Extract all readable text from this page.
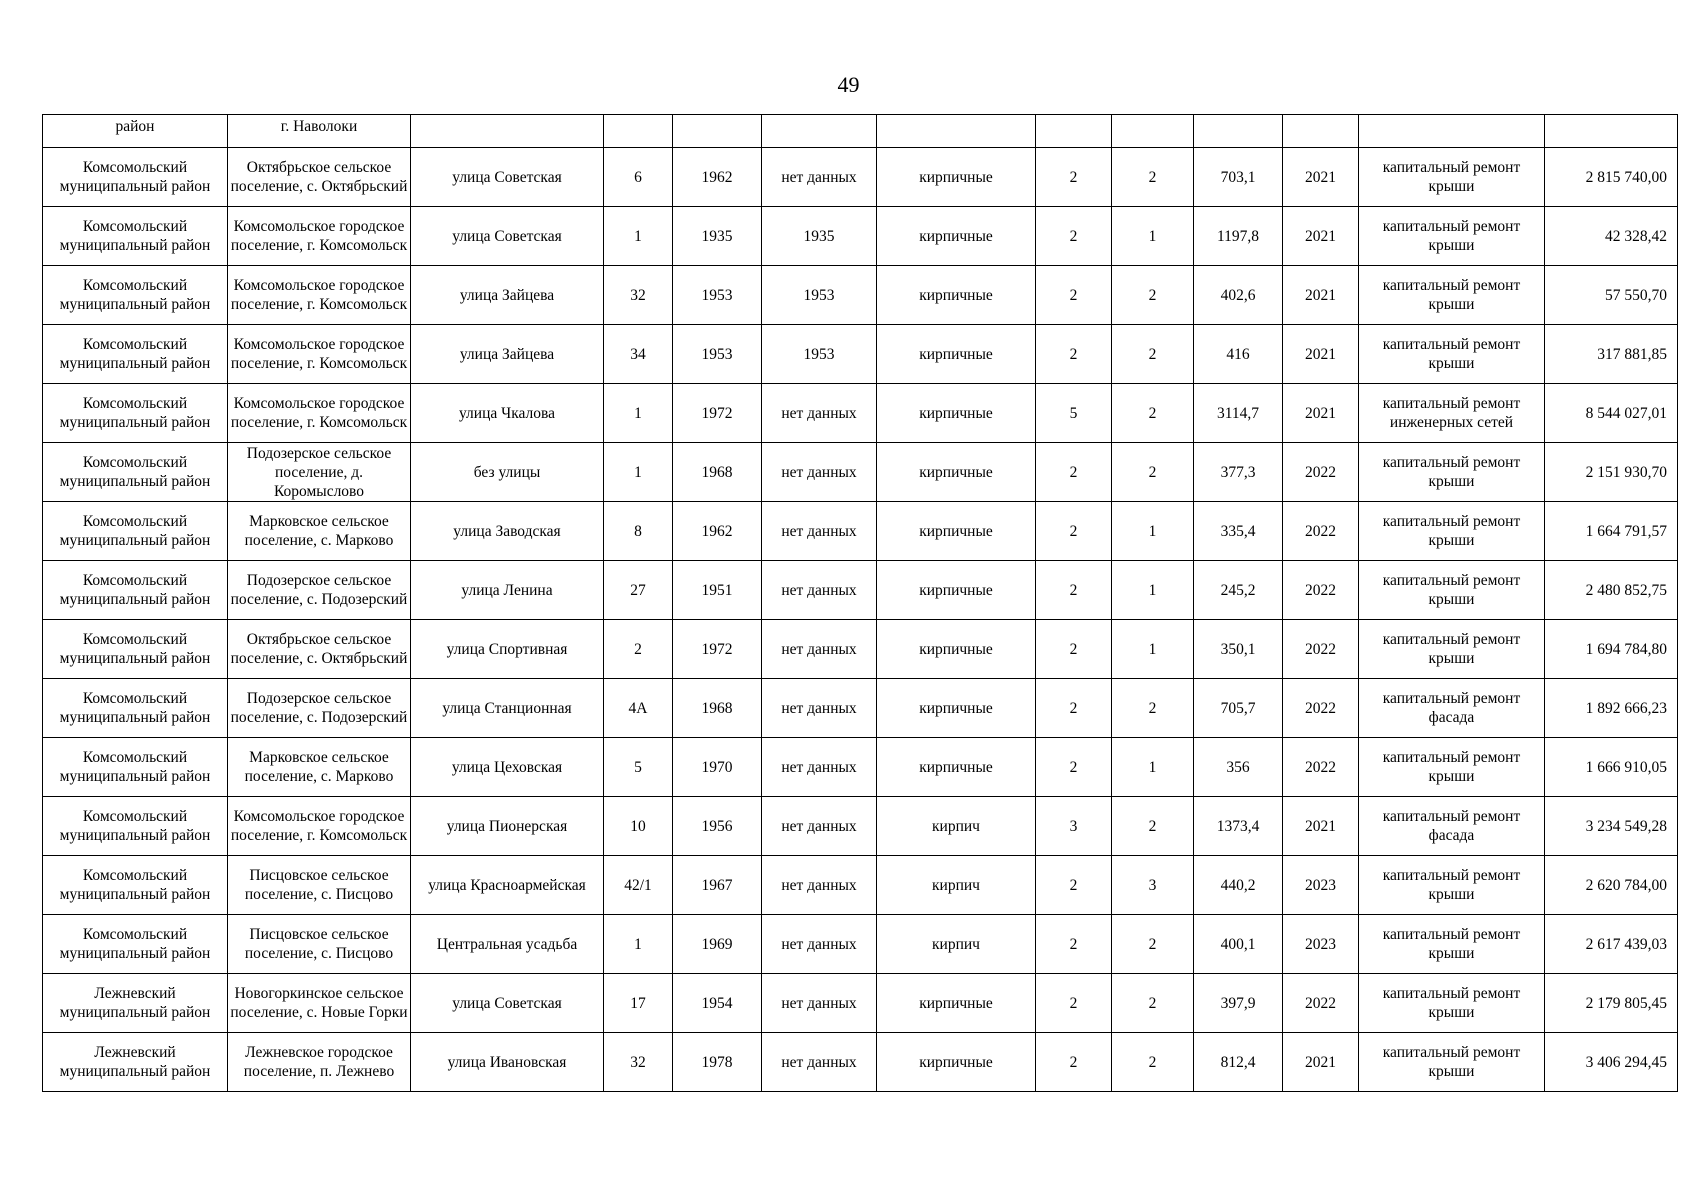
49
район	г. Наволоки											
Комсомольский муниципальный район	Октябрьское сельское поселение, с. Октябрьский	улица Советская	6	1962	нет данных	кирпичные	2	2	703,1	2021	капитальный ремонт крыши	2 815 740,00
Комсомольский муниципальный район	Комсомольское городское поселение, г. Комсомольск	улица Советская	1	1935	1935	кирпичные	2	1	1197,8	2021	капитальный ремонт крыши	42 328,42
Комсомольский муниципальный район	Комсомольское городское поселение, г. Комсомольск	улица Зайцева	32	1953	1953	кирпичные	2	2	402,6	2021	капитальный ремонт крыши	57 550,70
Комсомольский муниципальный район	Комсомольское городское поселение, г. Комсомольск	улица Зайцева	34	1953	1953	кирпичные	2	2	416	2021	капитальный ремонт крыши	317 881,85
Комсомольский муниципальный район	Комсомольское городское поселение, г. Комсомольск	улица Чкалова	1	1972	нет данных	кирпичные	5	2	3114,7	2021	капитальный ремонт инженерных сетей	8 544 027,01
Комсомольский муниципальный район	Подозерское сельское поселение, д. Коромыслово	без улицы	1	1968	нет данных	кирпичные	2	2	377,3	2022	капитальный ремонт крыши	2 151 930,70
Комсомольский муниципальный район	Марковское сельское поселение, с. Марково	улица Заводская	8	1962	нет данных	кирпичные	2	1	335,4	2022	капитальный ремонт крыши	1 664 791,57
Комсомольский муниципальный район	Подозерское сельское поселение, с. Подозерский	улица Ленина	27	1951	нет данных	кирпичные	2	1	245,2	2022	капитальный ремонт крыши	2 480 852,75
Комсомольский муниципальный район	Октябрьское сельское поселение, с. Октябрьский	улица Спортивная	2	1972	нет данных	кирпичные	2	1	350,1	2022	капитальный ремонт крыши	1 694 784,80
Комсомольский муниципальный район	Подозерское сельское поселение, с. Подозерский	улица Станционная	4А	1968	нет данных	кирпичные	2	2	705,7	2022	капитальный ремонт фасада	1 892 666,23
Комсомольский муниципальный район	Марковское сельское поселение, с. Марково	улица Цеховская	5	1970	нет данных	кирпичные	2	1	356	2022	капитальный ремонт крыши	1 666 910,05
Комсомольский муниципальный район	Комсомольское городское поселение, г. Комсомольск	улица Пионерская	10	1956	нет данных	кирпич	3	2	1373,4	2021	капитальный ремонт фасада	3 234 549,28
Комсомольский муниципальный район	Писцовское сельское поселение, с. Писцово	улица Красноармейская	42/1	1967	нет данных	кирпич	2	3	440,2	2023	капитальный ремонт крыши	2 620 784,00
Комсомольский муниципальный район	Писцовское сельское поселение, с. Писцово	Центральная усадьба	1	1969	нет данных	кирпич	2	2	400,1	2023	капитальный ремонт крыши	2 617 439,03
Лежневский муниципальный район	Новогоркинское сельское поселение, с. Новые Горки	улица Советская	17	1954	нет данных	кирпичные	2	2	397,9	2022	капитальный ремонт крыши	2 179 805,45
Лежневский муниципальный район	Лежневское городское поселение, п. Лежнево	улица Ивановская	32	1978	нет данных	кирпичные	2	2	812,4	2021	капитальный ремонт крыши	3 406 294,45
